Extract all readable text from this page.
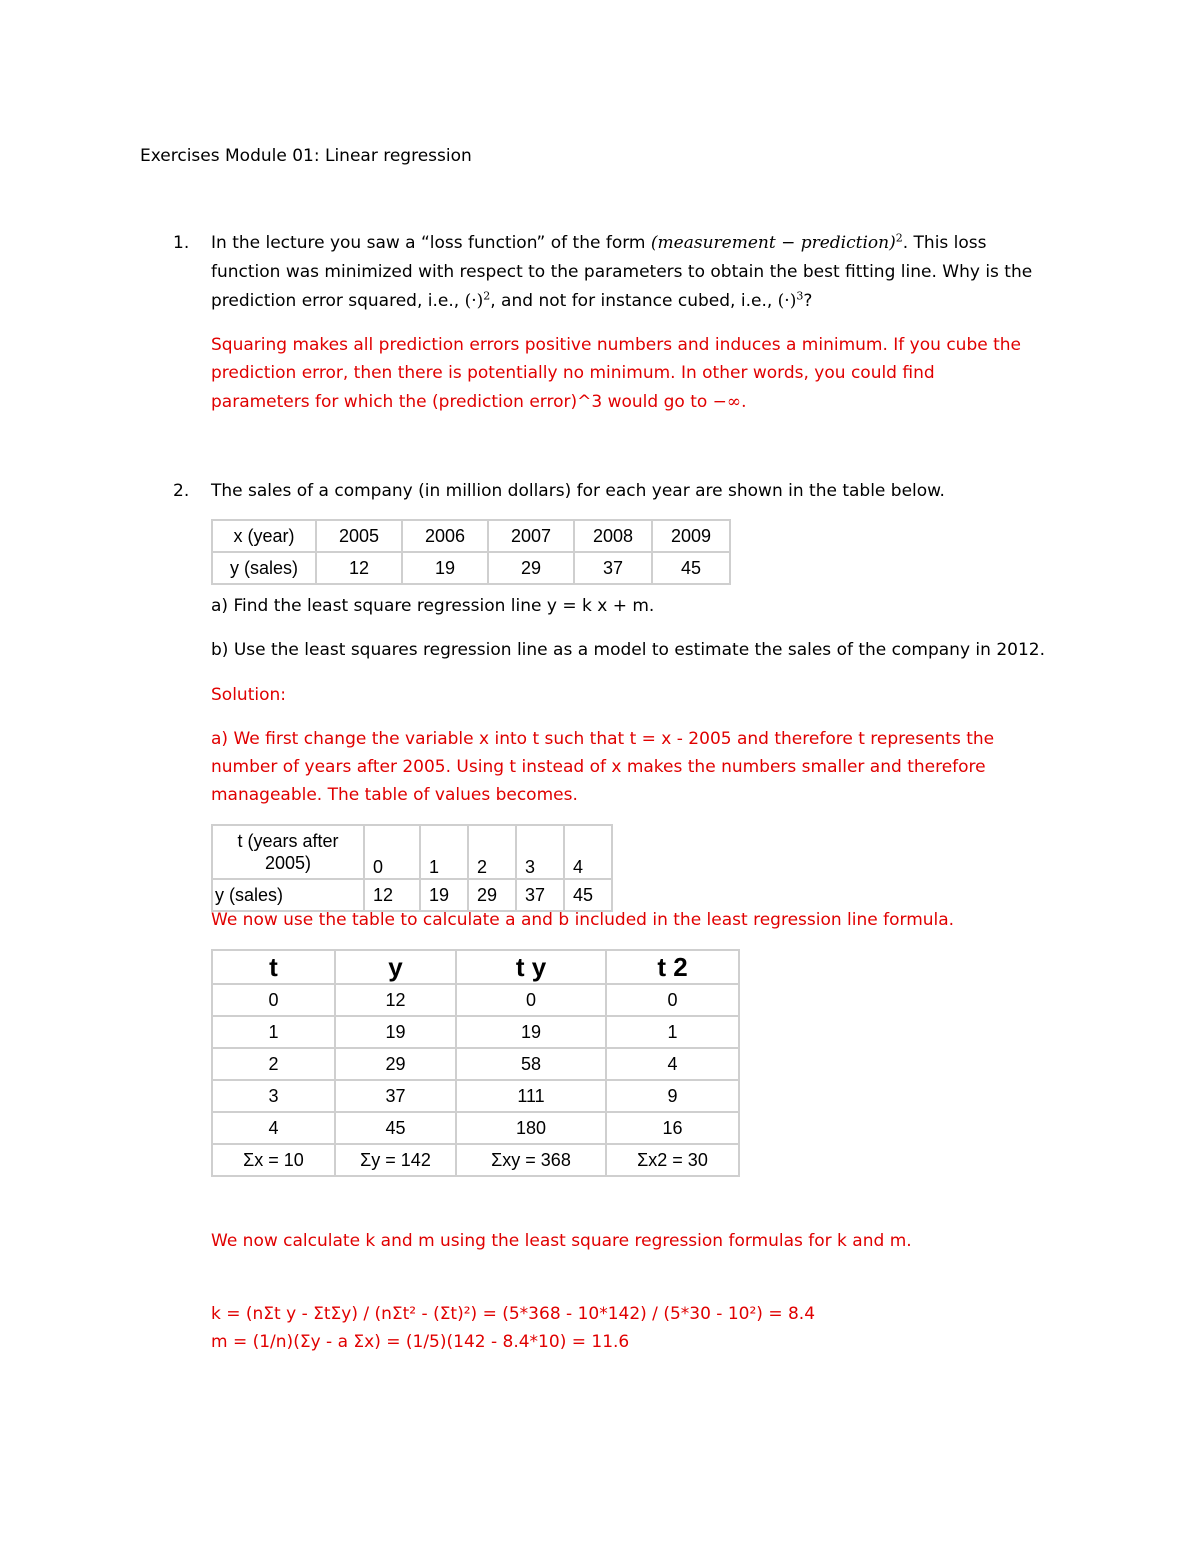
Exercises Module 01: Linear regression
1. In the lecture you saw a “loss function” of the form (measurement − prediction)$^2$. This loss
function was minimized with respect to the parameters to obtain the best fitting line. Why is the
prediction error squared, i.e., $(\cdot)^2$, and not for instance cubed, i.e., $(\cdot)^3$?
Squaring makes all prediction errors positive numbers and induces a minimum. If you cube the
prediction error, then there is potentially no minimum. In other words, you could find
parameters for which the (prediction error)^3 would go to −∞.
2. The sales of a company (in million dollars) for each year are shown in the table below.
x (year)	2005	2006	2007	2008	2009
y (sales)	12	19	29	37	45
a) Find the least square regression line y = k x + m.
b) Use the least squares regression line as a model to estimate the sales of the company in 2012.
Solution:
a) We first change the variable x into t such that t = x - 2005 and therefore t represents the
number of years after 2005. Using t instead of x makes the numbers smaller and therefore
manageable. The table of values becomes.
t (years after
2005)	0	1	2	3	4
y (sales)	12	19	29	37	45
We now use the table to calculate a and b included in the least regression line formula.
t	y	t y	t 2
0	12	0	0
1	19	19	1
2	29	58	4
3	37	111	9
4	45	180	16
Σx = 10	Σy = 142	Σxy = 368	Σx2 = 30
We now calculate k and m using the least square regression formulas for k and m.
k = (nΣt y - ΣtΣy) / (nΣt² - (Σt)²) = (5*368 - 10*142) / (5*30 - 10²) = 8.4
m = (1/n)(Σy - a Σx) = (1/5)(142 - 8.4*10) = 11.6
